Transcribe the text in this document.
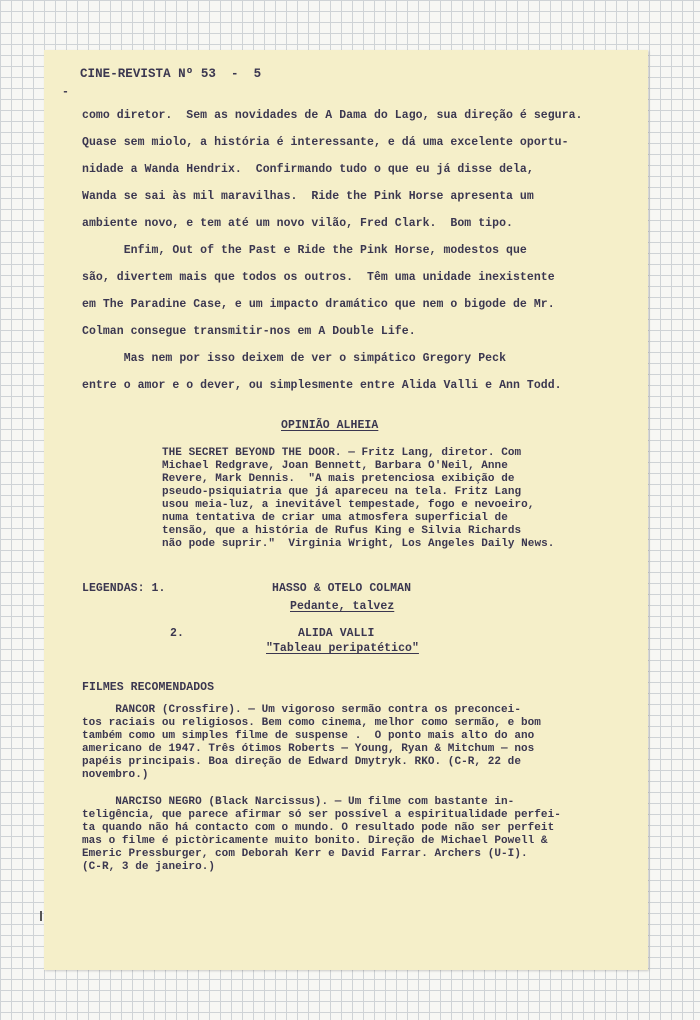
CINE-REVISTA Nº 53  -  5
-
como diretor.  Sem as novidades de A Dama do Lago, sua direção é segura.
Quase sem miolo, a história é interessante, e dá uma excelente oportu-
nidade a Wanda Hendrix.  Confirmando tudo o que eu já disse dela,
Wanda se sai às mil maravilhas.  Ride the Pink Horse apresenta um
ambiente novo, e tem até um novo vilão, Fred Clark.  Bom tipo.
Enfim, Out of the Past e Ride the Pink Horse, modestos que
são, divertem mais que todos os outros.  Têm uma unidade inexistente
em The Paradine Case, e um impacto dramático que nem o bigode de Mr.
Colman consegue transmitir-nos em A Double Life.
Mas nem por isso deixem de ver o simpático Gregory Peck
entre o amor e o dever, ou simplesmente entre Alida Valli e Ann Todd.
OPINIÃO ALHEIA
THE SECRET BEYOND THE DOOR. — Fritz Lang, diretor. Com
Michael Redgrave, Joan Bennett, Barbara O'Neil, Anne
Revere, Mark Dennis.  "A mais pretenciosa exibição de
pseudo-psiquiatria que já apareceu na tela. Fritz Lang
usou meia-luz, a inevitável tempestade, fogo e nevoeiro,
numa tentativa de criar uma atmosfera superficial de
tensão, que a história de Rufus King e Silvia Richards
não pode suprir."  Virginia Wright, Los Angeles Daily News.
LEGENDAS: 1.	HASSO & OTELO COLMAN
Pedante, talvez
2.	ALIDA VALLI
"Tableau peripatético"
FILMES RECOMENDADOS
RANCOR (Crossfire). — Um vigoroso sermão contra os preconcei-
tos raciais ou religiosos. Bem como cinema, melhor como sermão, e bom
também como um simples filme de suspense .  O ponto mais alto do ano
americano de 1947. Três ótimos Roberts — Young, Ryan & Mitchum — nos
papéis principais. Boa direção de Edward Dmytryk. RKO. (C-R, 22 de
novembro.)
NARCISO NEGRO (Black Narcissus). — Um filme com bastante in-
teligência, que parece afirmar só ser possível a espiritualidade perfei-
ta quando não há contacto com o mundo. O resultado pode não ser perfeit
mas o filme é pictòricamente muito bonito. Direção de Michael Powell &
Emeric Pressburger, com Deborah Kerr e David Farrar. Archers (U-I).
(C-R, 3 de janeiro.)
